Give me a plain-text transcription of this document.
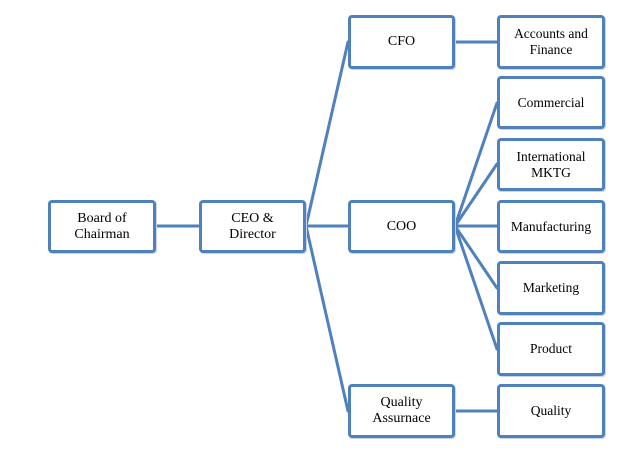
Board of
Chairman
CEO &
Director
CFO
COO
Quality
Assurnace
Accounts and
Finance
Commercial
International
MKTG
Manufacturing
Marketing
Product
Quality
